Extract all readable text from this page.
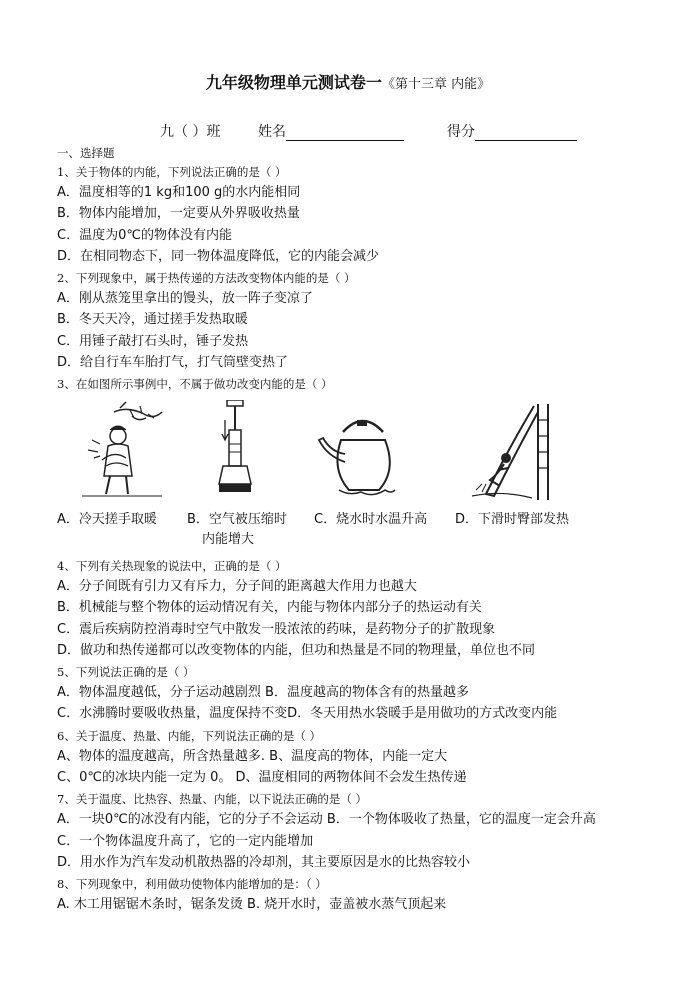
九年级物理单元测试卷一《第十三章 内能》
九（ ）班	姓名	得分
一、选择题
1、关于物体的内能，下列说法正确的是（ ）
A．温度相等的1 kg和100 g的水内能相同
B．物体内能增加，一定要从外界吸收热量
C．温度为0℃的物体没有内能
D．在相同物态下，同一物体温度降低，它的内能会减少
2、下列现象中，属于热传递的方法改变物体内能的是（ ）
A．刚从蒸笼里拿出的馒头，放一阵子变凉了
B．冬天天冷，通过搓手发热取暖
C．用锤子敲打石头时，锤子发热
D．给自行车车胎打气，打气筒壁变热了
3、在如图所示事例中，不属于做功改变内能的是（ ）
A．冷天搓手取暖 B．空气被压缩时
内能增大
C．烧水时水温升高 D．下滑时臀部发热
4、下列有关热现象的说法中，正确的是（ ）
A．分子间既有引力又有斥力，分子间的距离越大作用力也越大
B．机械能与整个物体的运动情况有关，内能与物体内部分子的热运动有关
C．震后疾病防控消毒时空气中散发一股浓浓的药味，是药物分子的扩散现象
D．做功和热传递都可以改变物体的内能，但功和热量是不同的物理量，单位也不同
5、下列说法正确的是（ ）
A．物体温度越低，分子运动越剧烈 B．温度越高的物体含有的热量越多
C．水沸腾时要吸收热量，温度保持不变D．冬天用热水袋暖手是用做功的方式改变内能
6、关于温度、热量、内能，下列说法正确的是（ ）
A、物体的温度越高，所含热量越多. B、温度高的物体，内能一定大
C、0℃的冰块内能一定为 0。 D、温度相同的两物体间不会发生热传递
7、关于温度、比热容、热量、内能，以下说法正确的是（ ）
A．一块0℃的冰没有内能，它的分子不会运动 B．一个物体吸收了热量，它的温度一定会升高
C．一个物体温度升高了，它的一定内能增加
D．用水作为汽车发动机散热器的冷却剂，其主要原因是水的比热容较小
8、下列现象中，利用做功使物体内能增加的是：（ ）
A. 木工用锯锯木条时，锯条发烫 B. 烧开水时，壶盖被水蒸气顶起来
